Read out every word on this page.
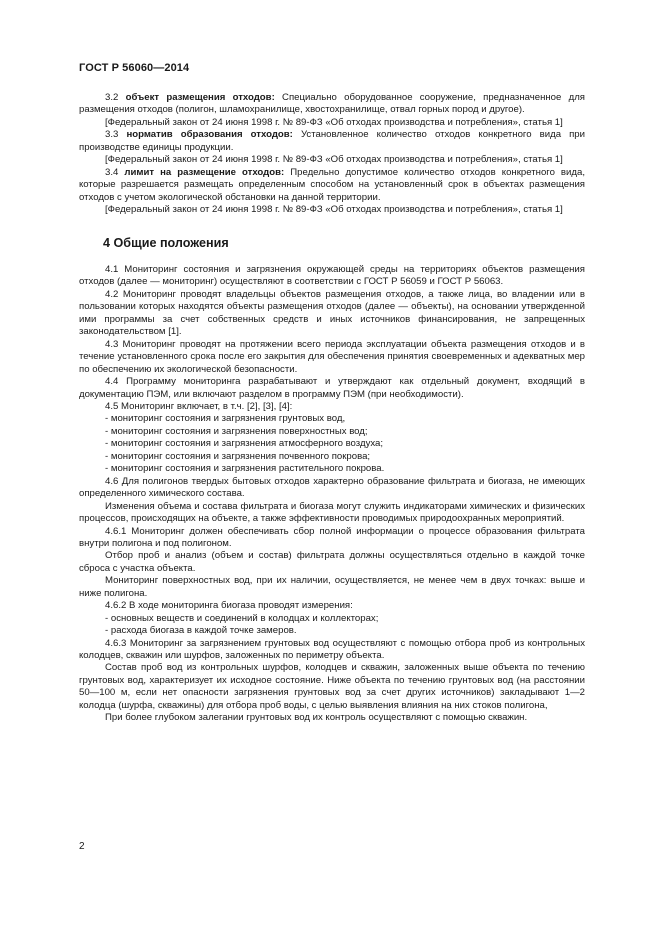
ГОСТ Р 56060—2014

3.2 объект размещения отходов: Специально оборудованное сооружение, предназначенное для размещения отходов (полигон, шламохранилище, хвостохранилище, отвал горных пород и другое).

[Федеральный закон от 24 июня 1998 г. № 89-ФЗ «Об отходах производства и потребления», статья 1]

3.3 норматив образования отходов: Установленное количество отходов конкретного вида при производстве единицы продукции.

[Федеральный закон от 24 июня 1998 г. № 89-ФЗ «Об отходах производства и потребления», статья 1]

3.4 лимит на размещение отходов: Предельно допустимое количество отходов конкретного вида, которые разрешается размещать определенным способом на установленный срок в объектах размещения отходов с учетом экологической обстановки на данной территории.

[Федеральный закон от 24 июня 1998 г. № 89-ФЗ «Об отходах производства и потребления», статья 1]

4 Общие положения

4.1 Мониторинг состояния и загрязнения окружающей среды на территориях объектов размещения отходов (далее — мониторинг) осуществляют в соответствии с ГОСТ Р 56059 и ГОСТ Р 56063.

4.2 Мониторинг проводят владельцы объектов размещения отходов, а также лица, во владении или в пользовании которых находятся объекты размещения отходов (далее — объекты), на основании утвержденной ими программы за счет собственных средств и иных источников финансирования, не запрещенных законодательством [1].

4.3 Мониторинг проводят на протяжении всего периода эксплуатации объекта размещения отходов и в течение установленного срока после его закрытия для обеспечения принятия своевременных и адекватных мер по обеспечению их экологической безопасности.

4.4 Программу мониторинга разрабатывают и утверждают как отдельный документ, входящий в документацию ПЭМ, или включают разделом в программу ПЭМ (при необходимости).

4.5 Мониторинг включает, в т.ч. [2], [3], [4]:

- мониторинг состояния и загрязнения грунтовых вод,

- мониторинг состояния и загрязнения поверхностных вод;

- мониторинг состояния и загрязнения атмосферного воздуха;

- мониторинг состояния и загрязнения почвенного покрова;

- мониторинг состояния и загрязнения растительного покрова.

4.6 Для полигонов твердых бытовых отходов характерно образование фильтрата и биогаза, не имеющих определенного химического состава.

Изменения объема и состава фильтрата и биогаза могут служить индикаторами химических и физических процессов, происходящих на объекте, а также эффективности проводимых природоохранных мероприятий.

4.6.1 Мониторинг должен обеспечивать сбор полной информации о процессе образования фильтрата внутри полигона и под полигоном.

Отбор проб и анализ (объем и состав) фильтрата должны осуществляться отдельно в каждой точке сброса с участка объекта.

Мониторинг поверхностных вод, при их наличии, осуществляется, не менее чем в двух точках: выше и ниже полигона.

4.6.2 В ходе мониторинга биогаза проводят измерения:

- основных веществ и соединений в колодцах и коллекторах;

- расхода биогаза в каждой точке замеров.

4.6.3 Мониторинг за загрязнением грунтовых вод осуществляют с помощью отбора проб из контрольных колодцев, скважин или шурфов, заложенных по периметру объекта.

Состав проб вод из контрольных шурфов, колодцев и скважин, заложенных выше объекта по течению грунтовых вод, характеризует их исходное состояние. Ниже объекта по течению грунтовых вод (на расстоянии 50—100 м, если нет опасности загрязнения грунтовых вод за счет других источников) закладывают 1—2 колодца (шурфа, скважины) для отбора проб воды, с целью выявления влияния на них стоков полигона,

При более глубоком залегании грунтовых вод их контроль осуществляют с помощью скважин.

2
